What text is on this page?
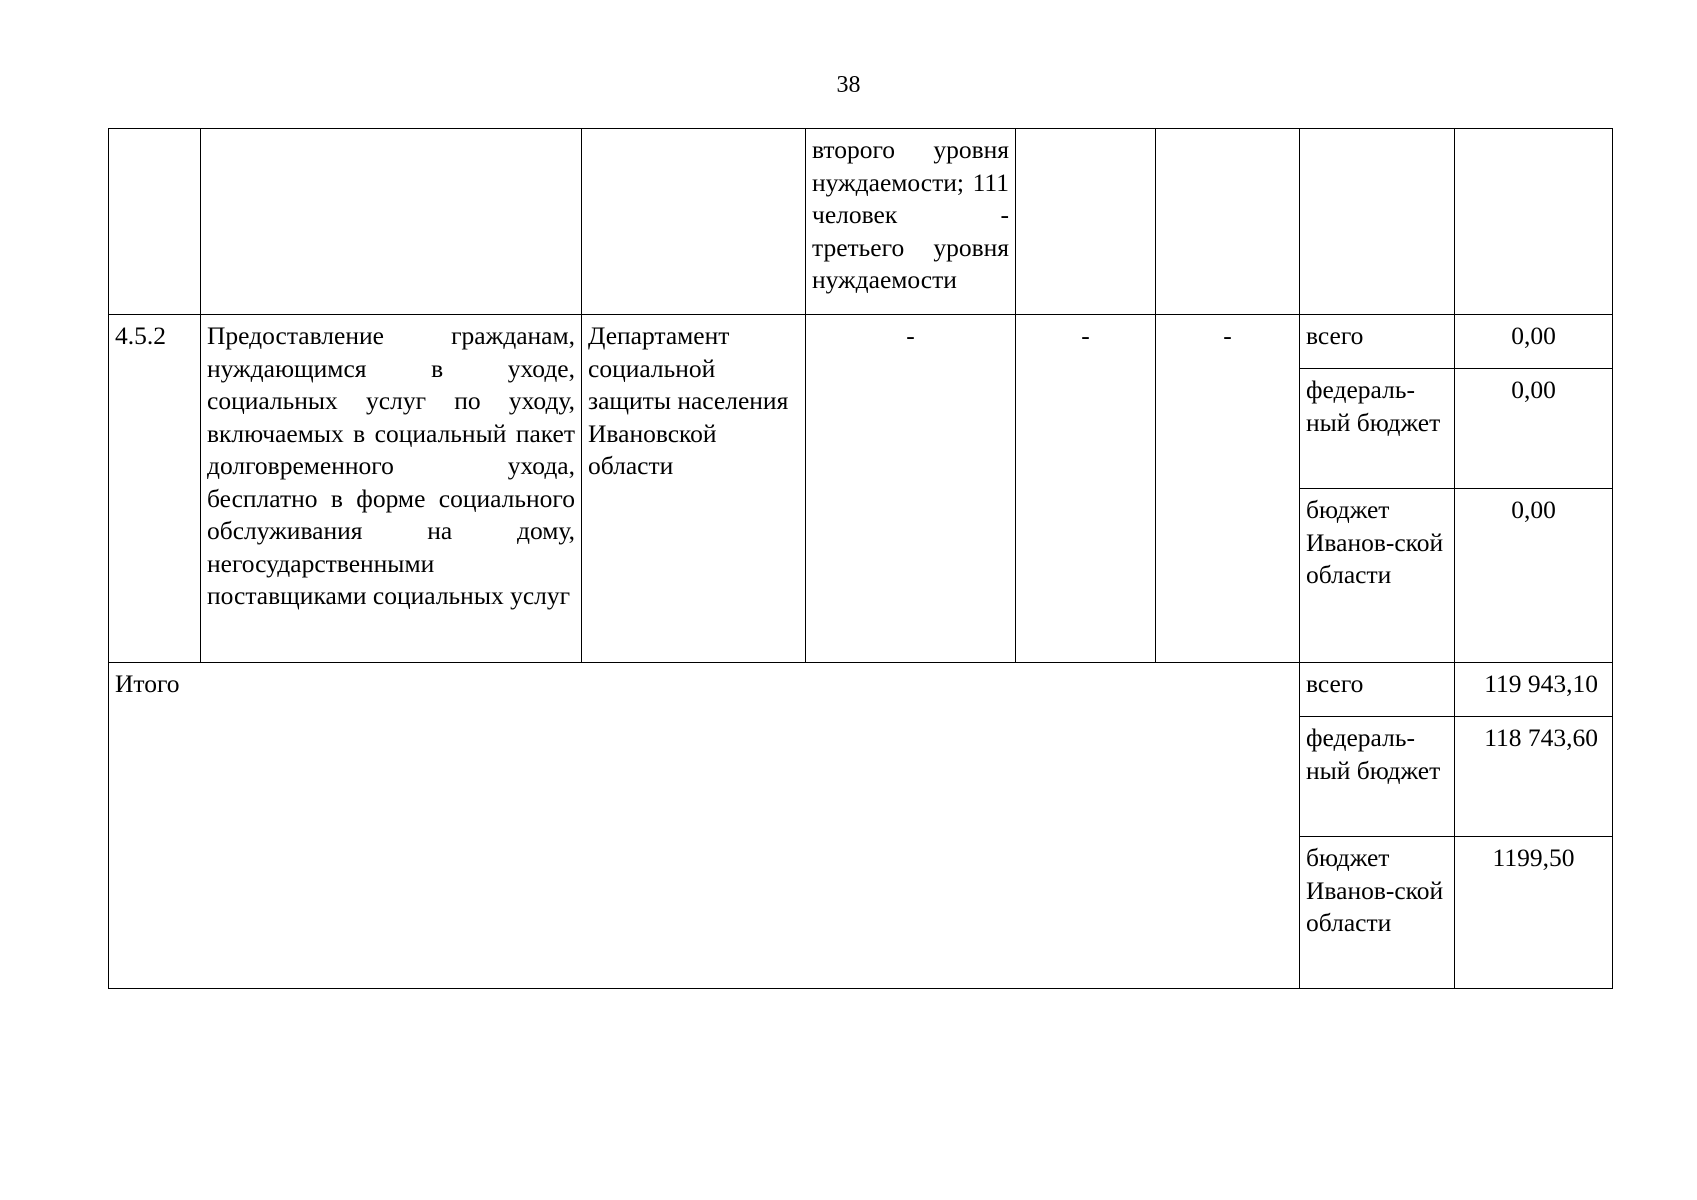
38
			второго уровня нуждаемости; 111 человек - третьего уровня нуждаемости				
4.5.2	Предоставление гражданам, нуждающимся в уходе, социальных услуг по уходу, включаемых в социальный пакет долговременного ухода, бесплатно в форме социального обслуживания на дому, негосударственными поставщиками социальных услуг	Департамент социальной защиты населения Ивановской области	-	-	-	всего	0,00
						федераль-ный бюджет	0,00
						бюджет Иванов-ской области	0,00
Итого						всего	119 943,10
						федераль-ный бюджет	118 743,60
						бюджет Иванов-ской области	1199,50
